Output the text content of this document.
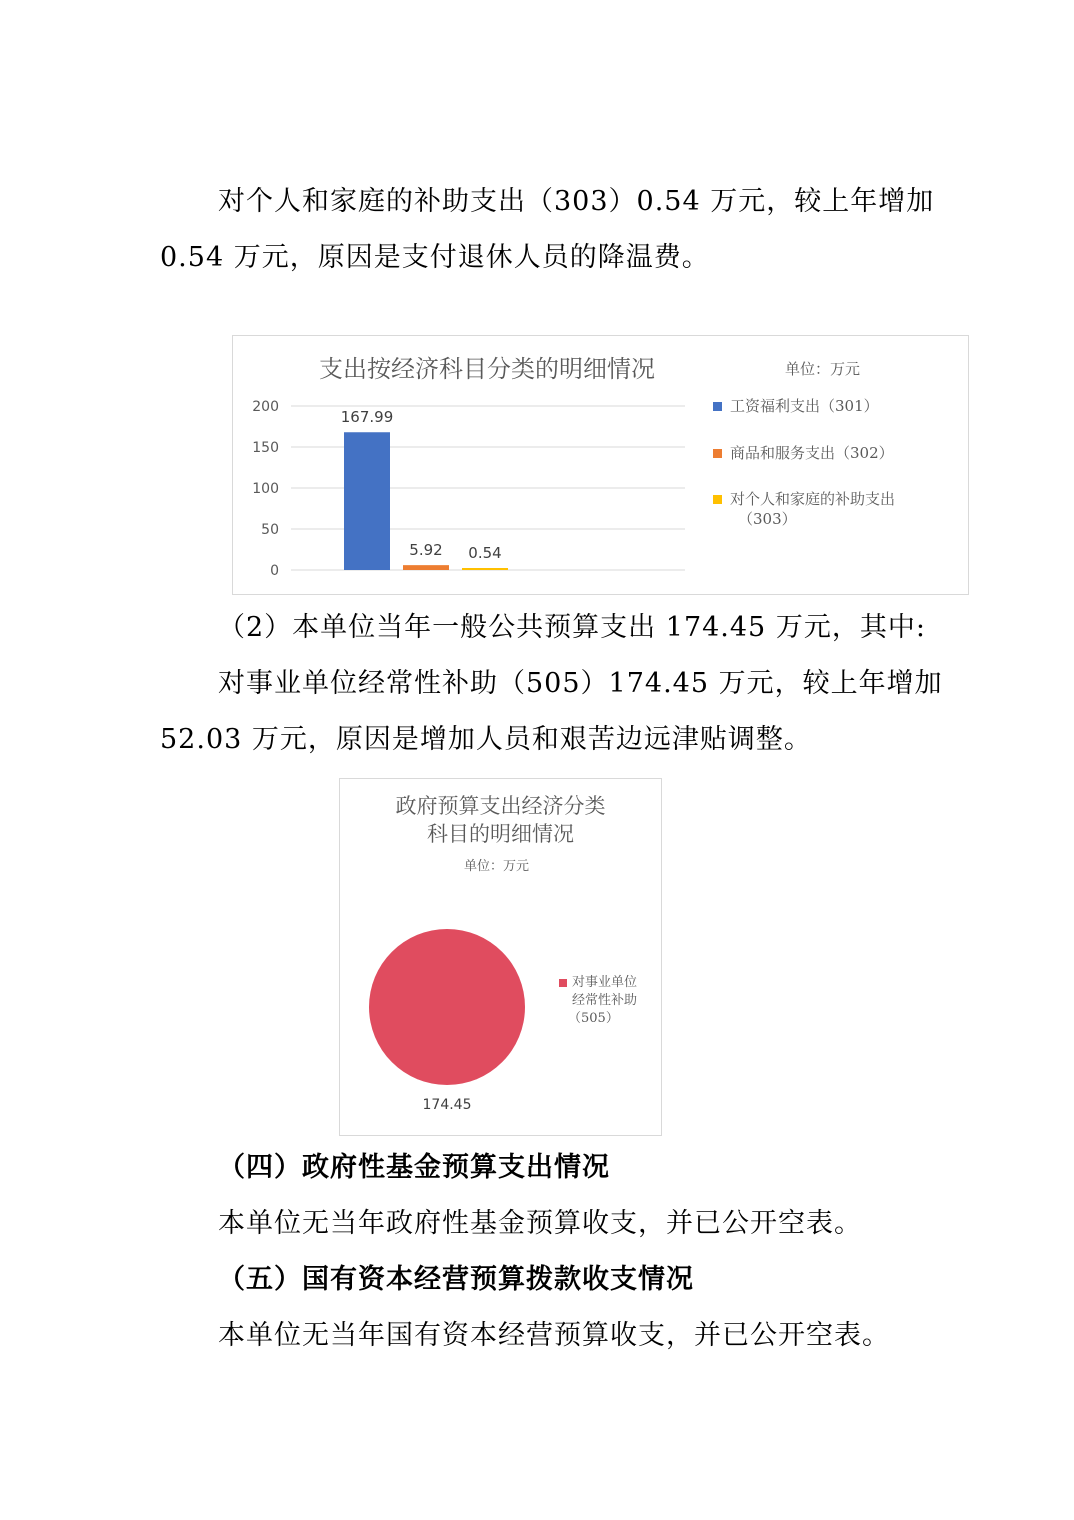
对个人和家庭的补助支出（303）0.54 万元，较上年增加
0.54 万元，原因是支付退休人员的降温费。
支出按经济科目分类的明细情况	单位：万元
0
50
100
150
200
167.99
5.92 0.54
工资福利支出（301）
商品和服务支出（302）
对个人和家庭的补助支出
（303）
（2）本单位当年一般公共预算支出 174.45 万元，其中:
对事业单位经常性补助（505）174.45 万元，较上年增加
52.03 万元，原因是增加人员和艰苦边远津贴调整。
政府预算支出经济分类
科目的明细情况
单位：万元
174.45
对事业单位
经常性补助
（505）
（四）政府性基金预算支出情况
本单位无当年政府性基金预算收支，并已公开空表。
（五）国有资本经营预算拨款收支情况
本单位无当年国有资本经营预算收支，并已公开空表。
